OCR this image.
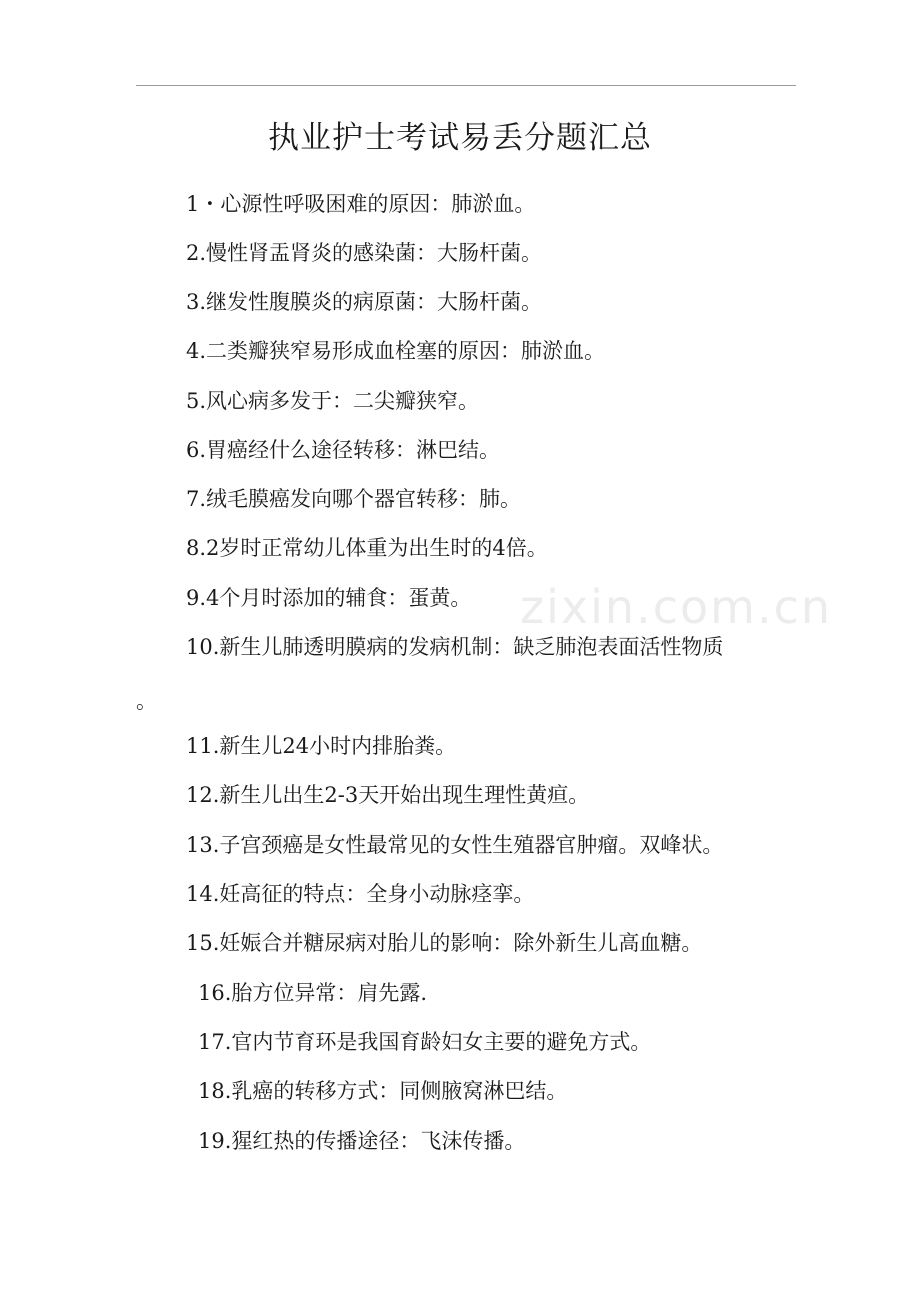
zixin.com.cn
执业护士考试易丢分题汇总
1・心源性呼吸困难的原因：肺淤血。
2.慢性肾盂肾炎的感染菌：大肠杆菌。
3.继发性腹膜炎的病原菌：大肠杆菌。
4.二类瓣狭窄易形成血栓塞的原因：肺淤血。
5.风心病多发于：二尖瓣狭窄。
6.胃癌经什么途径转移：淋巴结。
7.绒毛膜癌发向哪个器官转移：肺。
8.2岁时正常幼儿体重为出生时的4倍。
9.4个月时添加的辅食：蛋黄。
10.新生儿肺透明膜病的发病机制：缺乏肺泡表面活性物质
。
11.新生儿24小时内排胎粪。
12.新生儿出生2-3天开始出现生理性黄疸。
13.子宫颈癌是女性最常见的女性生殖器官肿瘤。双峰状。
14.妊高征的特点：全身小动脉痉挛。
15.妊娠合并糖尿病对胎儿的影响：除外新生儿高血糖。
16.胎方位异常：肩先露.
17.官内节育环是我国育龄妇女主要的避免方式。
18.乳癌的转移方式：同侧腋窝淋巴结。
19.猩红热的传播途径：飞沫传播。
